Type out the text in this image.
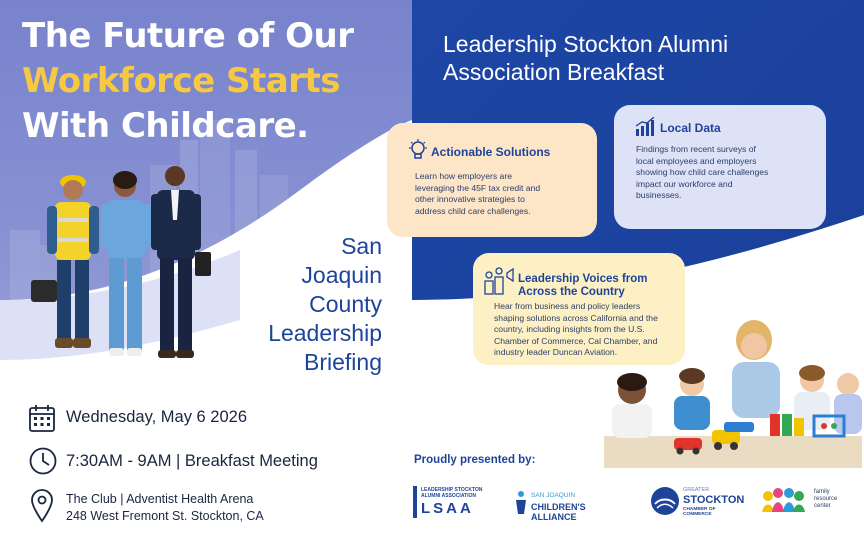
The Future of Our
Workforce Starts
With Childcare.
Leadership Stockton Alumni
Association Breakfast
San
Joaquin
County
Leadership
Briefing
Actionable Solutions
Learn how employers are
leveraging the 45F tax credit and
other innovative strategies to
address child care challenges.
Local Data
Findings from recent surveys of
local employees and employers
showing how child care challenges
impact our workforce and
businesses.
Leadership Voices from
Across the Country
Hear from business and policy leaders
shaping solutions across California and the
country, including insights from the U.S.
Chamber of Commerce, Cal Chamber, and
industry leader Duncan Aviation.
Wednesday, May 6 2026
7:30AM - 9AM | Breakfast Meeting
The Club | Adventist Health Arena
248 West Fremont St. Stockton, CA
Proudly presented by:
LEADERSHIP STOCKTON
ALUMNI ASSOCIATION
LSAA
SAN JOAQUIN
CHILDREN'S ALLIANCE
GREATER
STOCKTON
CHAMBER OF COMMERCE
family
resource
center
